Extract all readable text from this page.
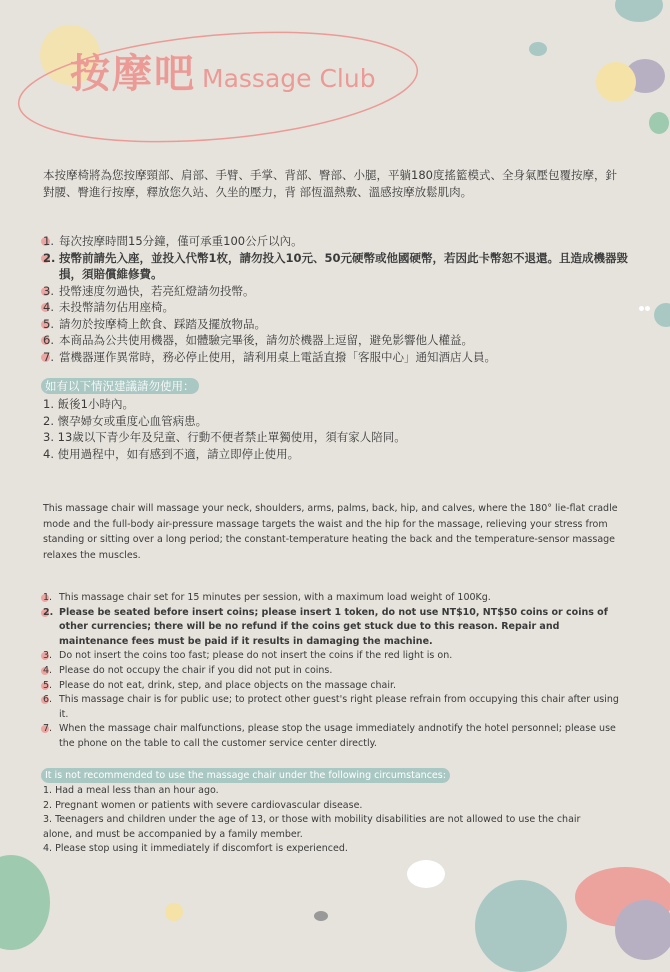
按摩吧 Massage Club
本按摩椅將為您按摩頸部、肩部、手臂、手掌、背部、臀部、小腿，平躺180度搖籃模式、全身氣壓包覆按摩，針對腰、臀進行按摩，釋放您久站、久坐的壓力，背 部恆溫熱敷、溫感按摩放鬆肌肉。
1. 每次按摩時間15分鐘，僅可承重100公斤以內。
2. 按幣前請先入座，並投入代幣1枚，請勿投入10元、50元硬幣或他國硬幣，若因此卡幣恕不退還。且造成機器毀損，須賠償維修費。
3. 投幣速度勿過快，若亮紅燈請勿投幣。
4. 未投幣請勿佔用座椅。
5. 請勿於按摩椅上飲食、踩踏及擺放物品。
6. 本商品為公共使用機器，如體驗完畢後，請勿於機器上逗留，避免影響他人權益。
7. 當機器運作異常時，務必停止使用，請利用桌上電話直撥「客服中心」通知酒店人員。
如有以下情況建議請勿使用：
1. 飯後1小時內。
2. 懷孕婦女或重度心血管病患。
3. 13歲以下青少年及兒童、行動不便者禁止單獨使用，須有家人陪同。
4. 使用過程中，如有感到不適，請立即停止使用。
This massage chair will massage your neck, shoulders, arms, palms, back, hip, and calves, where the 180° lie-flat cradle mode and the full-body air-pressure massage targets the waist and the hip for the massage, relieving your stress from standing or sitting over a long period; the constant-temperature heating the back and the temperature-sensor massage relaxes the muscles.
1. This massage chair set for 15 minutes per session, with a maximum load weight of 100Kg.
2. Please be seated before insert coins; please insert 1 token, do not use NT$10, NT$50 coins or coins of other currencies; there will be no refund if the coins get stuck due to this reason. Repair and maintenance fees must be paid if it results in damaging the machine.
3. Do not insert the coins too fast; please do not insert the coins if the red light is on.
4. Please do not occupy the chair if you did not put in coins.
5. Please do not eat, drink, step, and place objects on the massage chair.
6. This massage chair is for public use; to protect other guest's right please refrain from occupying this chair after using it.
7. When the massage chair malfunctions, please stop the usage immediately andnotify the hotel personnel; please use the phone on the table to call the customer service center directly.
It is not recommended to use the massage chair under the following circumstances:
1. Had a meal less than an hour ago.
2. Pregnant women or patients with severe cardiovascular disease.
3. Teenagers and children under the age of 13, or those with mobility disabilities are not allowed to use the chair alone, and must be accompanied by a family member.
4. Please stop using it immediately if discomfort is experienced.
